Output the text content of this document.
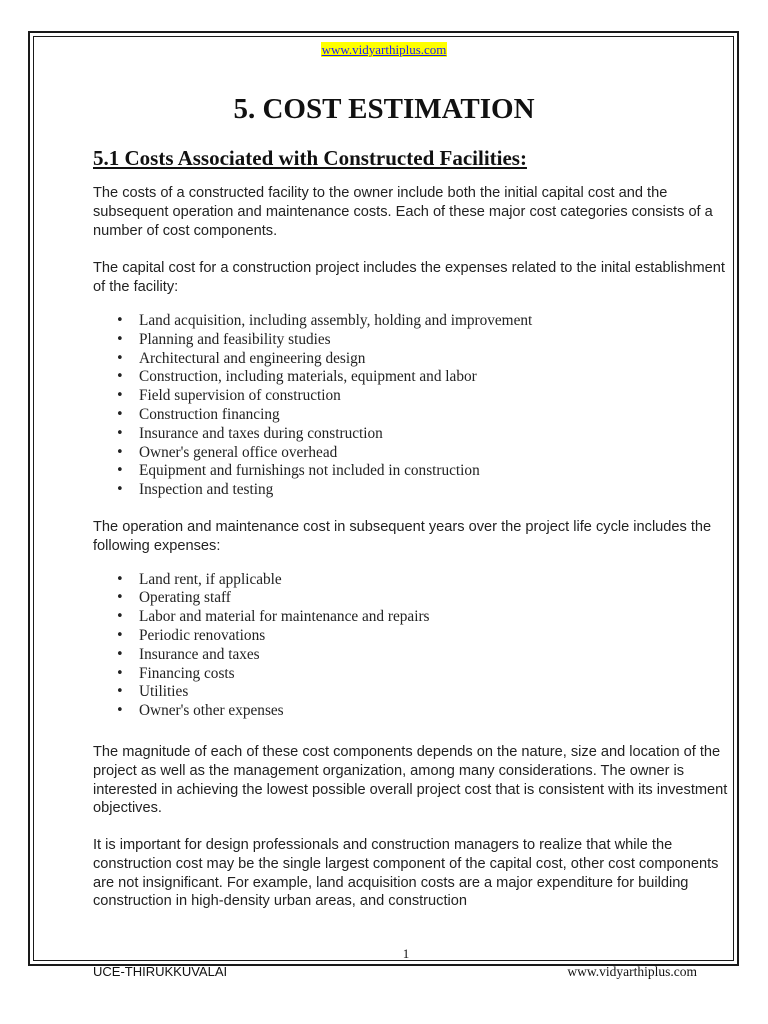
www.vidyarthiplus.com
5. COST ESTIMATION
5.1 Costs Associated with Constructed Facilities:

The costs of a constructed facility to the owner include both the initial capital cost and the subsequent operation and maintenance costs. Each of these major cost categories consists of a number of cost components.

The capital cost for a construction project includes the expenses related to the inital establishment of the facility:

• Land acquisition, including assembly, holding and improvement
• Planning and feasibility studies
• Architectural and engineering design
• Construction, including materials, equipment and labor
• Field supervision of construction
• Construction financing
• Insurance and taxes during construction
• Owner's general office overhead
• Equipment and furnishings not included in construction
• Inspection and testing

The operation and maintenance cost in subsequent years over the project life cycle includes the following expenses:

• Land rent, if applicable
• Operating staff
• Labor and material for maintenance and repairs
• Periodic renovations
• Insurance and taxes
• Financing costs
• Utilities
• Owner's other expenses

The magnitude of each of these cost components depends on the nature, size and location of the project as well as the management organization, among many considerations. The owner is interested in achieving the lowest possible overall project cost that is consistent with its investment objectives.

It is important for design professionals and construction managers to realize that while the construction cost may be the single largest component of the capital cost, other cost components are not insignificant. For example, land acquisition costs are a major expenditure for building construction in high-density urban areas, and construction

1
UCE-THIRUKKUVALAI	www.vidyarthiplus.com
